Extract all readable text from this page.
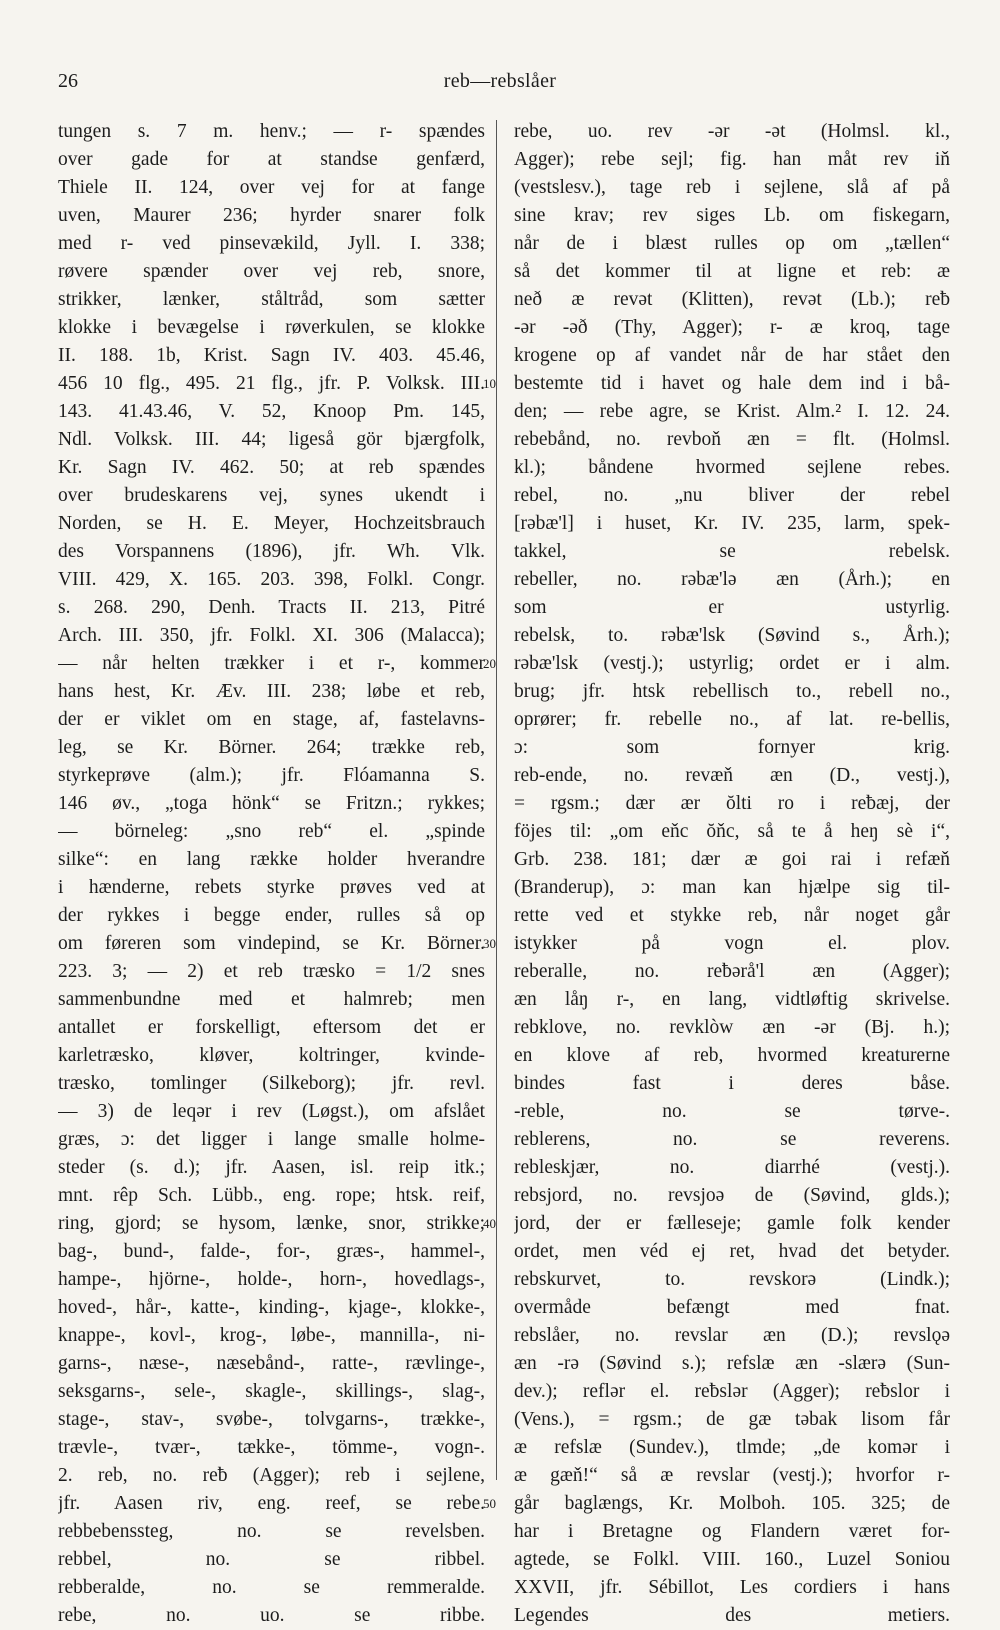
26	reb—rebslåer
tungen s. 7 m. henv.; — r- spændes
over gade for at standse genfærd,
Thiele II. 124, over vej for at fange
uven, Maurer 236; hyrder snarer folk
med r- ved pinsevækild, Jyll. I. 338;
røvere spænder over vej reb, snore,
strikker, lænker, ståltråd, som sætter
klokke i bevægelse i røverkulen, se klokke
II. 188. 1b, Krist. Sagn IV. 403. 45.46,
456 10 flg., 495. 21 flg., jfr. P. Volksk. III.
143. 41.43.46, V. 52, Knoop Pm. 145,
Ndl. Volksk. III. 44; ligeså gör bjærgfolk,
Kr. Sagn IV. 462. 50; at reb spændes
over brudeskarens vej, synes ukendt i
Norden, se H. E. Meyer, Hochzeitsbrauch
des Vorspannens (1896), jfr. Wh. Vlk.
VIII. 429, X. 165. 203. 398, Folkl. Congr.
s. 268. 290, Denh. Tracts II. 213, Pitré
Arch. III. 350, jfr. Folkl. XI. 306 (Malacca);
— når helten trækker i et r-, kommer
hans hest, Kr. Æv. III. 238; løbe et reb,
der er viklet om en stage, af, fastelavns-
leg, se Kr. Börner. 264; trække reb,
styrkeprøve (alm.); jfr. Flóamanna S.
146 øv., „toga hönk“ se Fritzn.; rykkes;
— börneleg: „sno reb“ el. „spinde
silke“: en lang række holder hverandre
i hænderne, rebets styrke prøves ved at
der rykkes i begge ender, rulles så op
om føreren som vindepind, se Kr. Börner.
223. 3; — 2) et reb træsko = 1/2 snes
sammenbundne med et halmreb; men
antallet er forskelligt, eftersom det er
karletræsko, kløver, koltringer, kvinde-
træsko, tomlinger (Silkeborg); jfr. revl.
— 3) de leqər i rev (Løgst.), om afslået
græs, ɔ: det ligger i lange smalle holme-
steder (s. d.); jfr. Aasen, isl. reip itk.;
mnt. rêp Sch. Lübb., eng. rope; htsk. reif,
ring, gjord; se hysom, lænke, snor, strikke;
bag-, bund-, falde-, for-, græs-, hammel-,
hampe-, hjörne-, holde-, horn-, hovedlags-,
hoved-, hår-, katte-, kinding-, kjage-, klokke-,
knappe-, kovl-, krog-, løbe-, mannilla-, ni-
garns-, næse-, næsebånd-, ratte-, rævlinge-,
seksgarns-, sele-, skagle-, skillings-, slag-,
stage-, stav-, svøbe-, tolvgarns-, trække-,
trævle-, tvær-, tække-, tömme-, vogn-.
2. reb, no. reƀ (Agger); reb i sejlene,
jfr. Aasen riv, eng. reef, se rebe.
rebbebenssteg, no. se revelsben.
rebbel, no. se ribbel.
rebberalde, no. se remmeralde.
rebe, no. uo. se ribbe.
10
20
30
40
50
rebe, uo. rev -ər -ət (Holmsl. kl.,
Agger); rebe sejl; fig. han måt rev iň
(vestslesv.), tage reb i sejlene, slå af på
sine krav; rev siges Lb. om fiskegarn,
når de i blæst rulles op om „tællen“
så det kommer til at ligne et reb: æ
neð æ revət (Klitten), revət (Lb.); reƀ
-ər -əð (Thy, Agger); r- æ kroq, tage
krogene op af vandet når de har stået den
bestemte tid i havet og hale dem ind i bå-
den; — rebe agre, se Krist. Alm.² I. 12. 24.
rebebånd, no. revboň æn = flt. (Holmsl.
kl.); båndene hvormed sejlene rebes.
rebel, no. „nu bliver der rebel
[rəbæ'l] i huset, Kr. IV. 235, larm, spek-
takkel, se rebelsk.
rebeller, no. rəbæ'lə æn (Årh.); en
som er ustyrlig.
rebelsk, to. rəbæ'lsk (Søvind s., Årh.);
rəbæ'lsk (vestj.); ustyrlig; ordet er i alm.
brug; jfr. htsk rebellisch to., rebell no.,
oprører; fr. rebelle no., af lat. re-bellis,
ɔ: som fornyer krig.
reb-ende, no. revæň æn (D., vestj.),
= rgsm.; dær ær ŏlti ro i reƀæj, der
föjes til: „om eňc ŏňc, så te å heŋ sè i“,
Grb. 238. 181; dær æ goi rai i refæň
(Branderup), ɔ: man kan hjælpe sig til-
rette ved et stykke reb, når noget går
istykker på vogn el. plov.
reberalle, no. reƀərå'l æn (Agger);
æn låŋ r-, en lang, vidtløftig skrivelse.
rebklove, no. revklòw æn -ər (Bj. h.);
en klove af reb, hvormed kreaturerne
bindes fast i deres båse.
-reble, no. se tørve-.
reblerens, no. se reverens.
rebleskjær, no. diarrhé (vestj.).
rebsjord, no. revsjoə de (Søvind, glds.);
jord, der er fælleseje; gamle folk kender
ordet, men véd ej ret, hvad det betyder.
rebskurvet, to. revskorə (Lindk.);
overmåde befængt med fnat.
rebslåer, no. revslar æn (D.); revslǫə
æn -rə (Søvind s.); refslæ æn -slærə (Sun-
dev.); reflər el. reƀslər (Agger); reƀslor i
(Vens.), = rgsm.; de gæ təbak lisom får
æ refslæ (Sundev.), tlmde; „de komər i
æ gæň!“ så æ revslar (vestj.); hvorfor r-
går baglængs, Kr. Molboh. 105. 325; de
har i Bretagne og Flandern været for-
agtede, se Folkl. VIII. 160., Luzel Soniou
XXVII, jfr. Sébillot, Les cordiers i hans
Legendes des metiers.
